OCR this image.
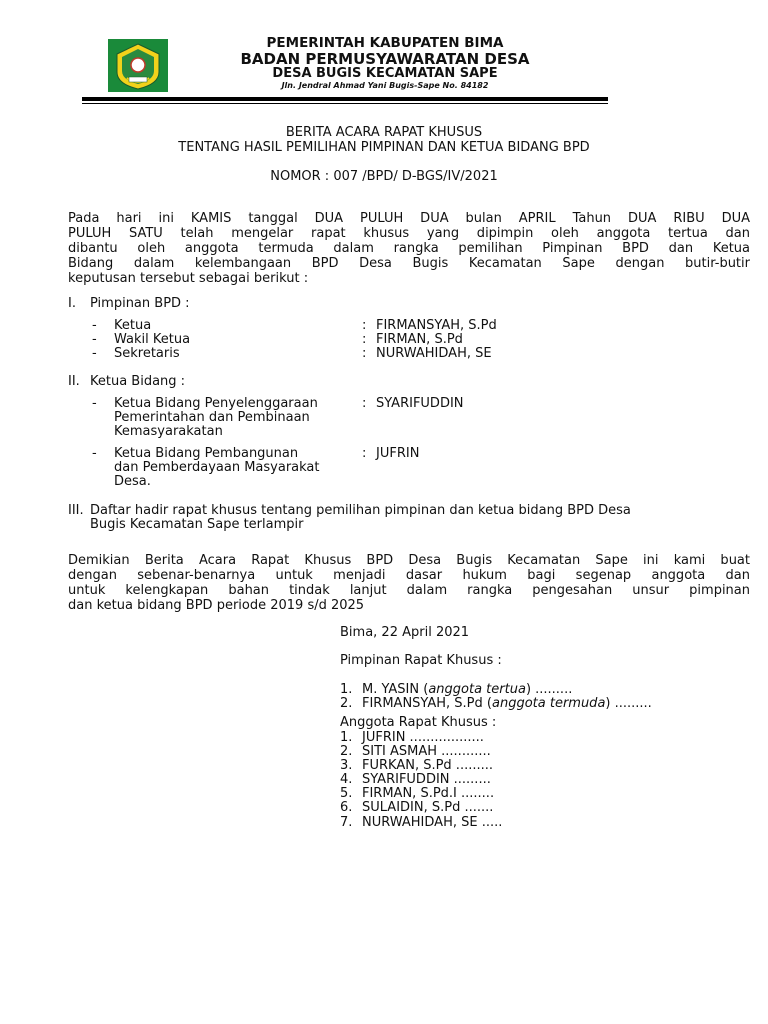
PEMERINTAH KABUPATEN BIMA
BADAN PERMUSYAWARATAN DESA
DESA BUGIS KECAMATAN SAPE
Jln. Jendral Ahmad Yani Bugis-Sape No. 84182
BERITA ACARA RAPAT KHUSUS
TENTANG HASIL PEMILIHAN PIMPINAN DAN KETUA BIDANG BPD
NOMOR : 007 /BPD/ D-BGS/IV/2021
Pada hari ini KAMIS tanggal DUA PULUH DUA bulan APRIL Tahun DUA RIBU DUA
PULUH SATU telah mengelar rapat khusus yang dipimpin oleh anggota tertua dan
dibantu oleh anggota termuda dalam rangka pemilihan Pimpinan BPD dan Ketua
Bidang dalam kelembangaan BPD Desa Bugis Kecamatan Sape dengan butir-butir
keputusan tersebut sebagai berikut :
I. Pimpinan BPD :
- Ketua	: FIRMANSYAH, S.Pd
- Wakil Ketua	: FIRMAN, S.Pd
- Sekretaris	: NURWAHIDAH, SE
II. Ketua Bidang :
- Ketua Bidang Penyelenggaraan
Pemerintahan dan Pembinaan
Kemasyarakatan
: SYARIFUDDIN
- Ketua Bidang Pembangunan
dan Pemberdayaan Masyarakat
Desa.
: JUFRIN
III. Daftar hadir rapat khusus tentang pemilihan pimpinan dan ketua bidang BPD Desa
Bugis Kecamatan Sape terlampir
Demikian Berita Acara Rapat Khusus BPD Desa Bugis Kecamatan Sape ini kami buat
dengan sebenar-benarnya untuk menjadi dasar hukum bagi segenap anggota dan
untuk kelengkapan bahan tindak lanjut dalam rangka pengesahan unsur pimpinan
dan ketua bidang BPD periode 2019 s/d 2025
Bima, 22 April 2021
Pimpinan Rapat Khusus :
1. M. YASIN (anggota tertua) .........
2. FIRMANSYAH, S.Pd (anggota termuda) .........
Anggota Rapat Khusus :
1. JUFRIN ..................
2. SITI ASMAH ............
3. FURKAN, S.Pd .........
4. SYARIFUDDIN .........
5. FIRMAN, S.Pd.I ........
6. SULAIDIN, S.Pd .......
7. NURWAHIDAH, SE .....
